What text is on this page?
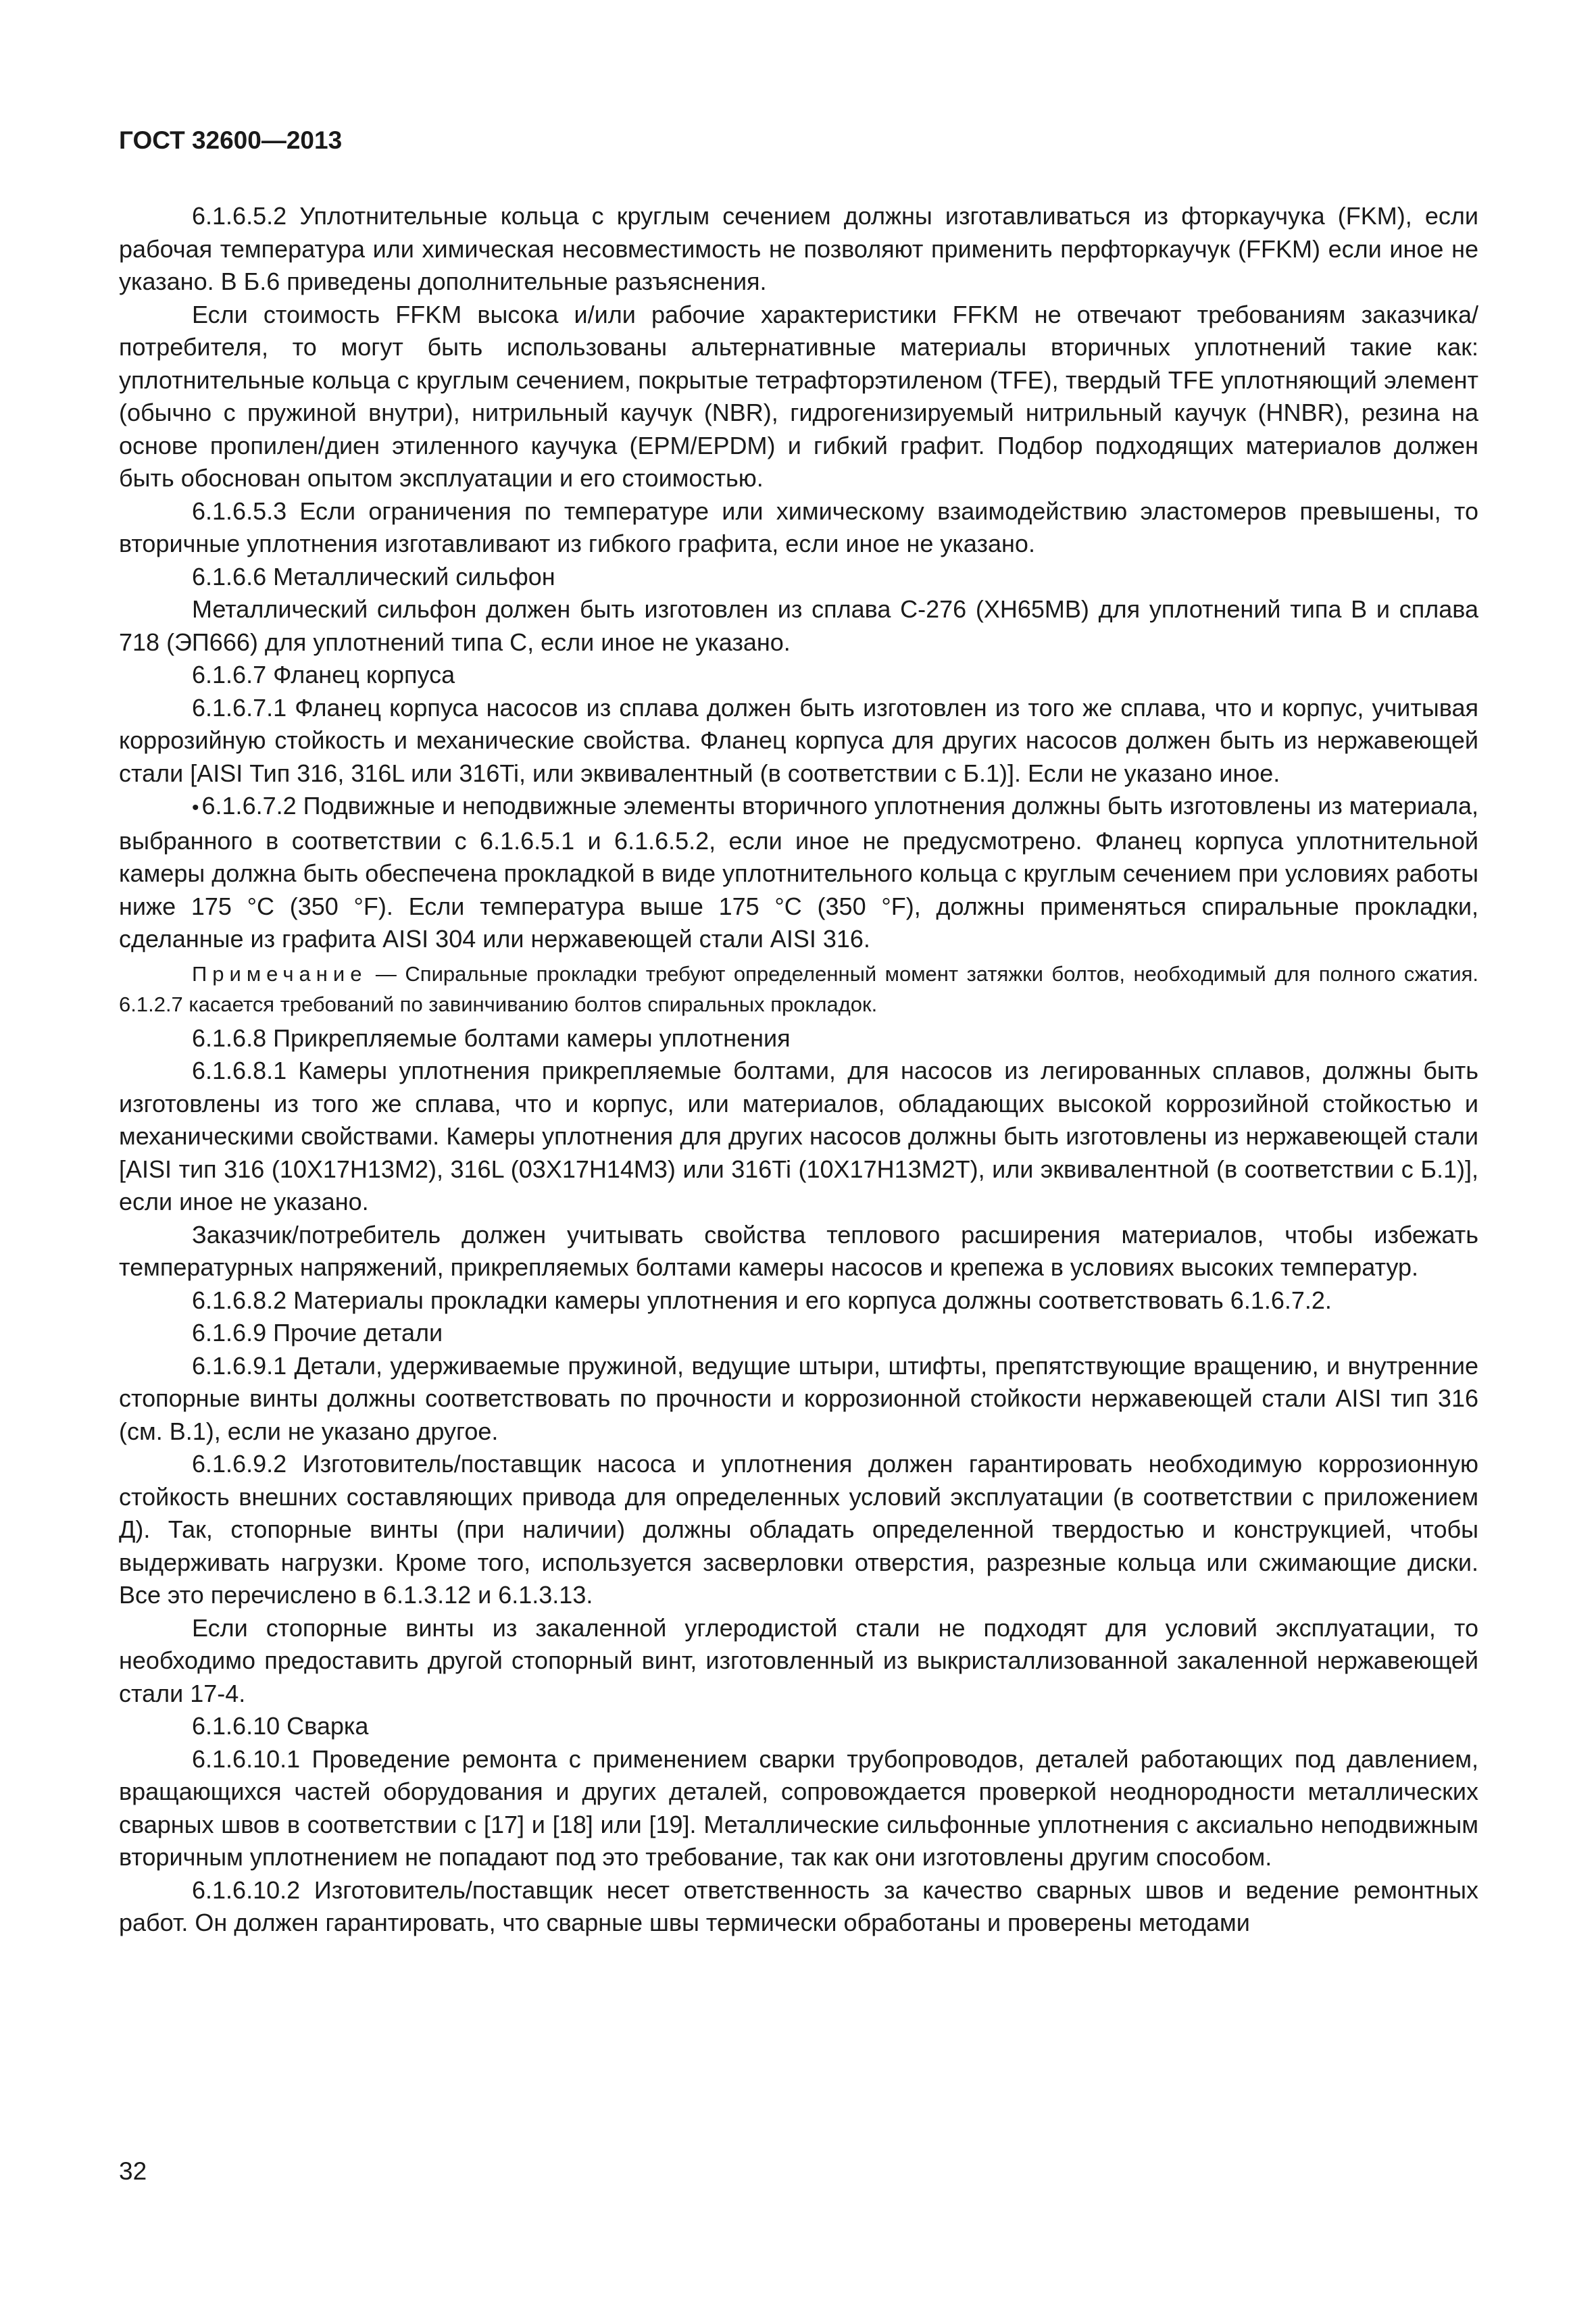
ГОСТ 32600—2013

6.1.6.5.2 Уплотнительные кольца с круглым сечением должны изготавливаться из фторкаучука (FKM), если рабочая температура или химическая несовместимость не позволяют применить перфторкаучук (FFKM) если иное не указано. В Б.6 приведены дополнительные разъяснения.

Если стоимость FFKM высока и/или рабочие характеристики FFKM не отвечают требованиям заказчика/потребителя, то могут быть использованы альтернативные материалы вторичных уплотнений такие как: уплотнительные кольца с круглым сечением, покрытые тетрафторэтиленом (TFE), твердый TFE уплотняющий элемент (обычно с пружиной внутри), нитрильный каучук (NBR), гидрогенизируемый нитрильный каучук (HNBR), резина на основе пропилен/диен этиленного каучука (EPM/EPDM) и гибкий графит. Подбор подходящих материалов должен быть обоснован опытом эксплуатации и его стоимостью.

6.1.6.5.3 Если ограничения по температуре или химическому взаимодействию эластомеров превышены, то вторичные уплотнения изготавливают из гибкого графита, если иное не указано.

6.1.6.6 Металлический сильфон

Металлический сильфон должен быть изготовлен из сплава С-276 (ХН65МВ) для уплотнений типа В и сплава 718 (ЭП666) для уплотнений типа С, если иное не указано.

6.1.6.7 Фланец корпуса

6.1.6.7.1 Фланец корпуса насосов из сплава должен быть изготовлен из того же сплава, что и корпус, учитывая коррозийную стойкость и механические свойства. Фланец корпуса для других насосов должен быть из нержавеющей стали [AISI Тип 316, 316L или 316Ti, или эквивалентный (в соответствии с Б.1)]. Если не указано иное.

• 6.1.6.7.2 Подвижные и неподвижные элементы вторичного уплотнения должны быть изготовлены из материала, выбранного в соответствии с 6.1.6.5.1 и 6.1.6.5.2, если иное не предусмотрено. Фланец корпуса уплотнительной камеры должна быть обеспечена прокладкой в виде уплотнительного кольца с круглым сечением при условиях работы ниже 175 °С (350 °F). Если температура выше 175 °С (350 °F), должны применяться спиральные прокладки, сделанные из графита AISI 304 или нержавеющей стали AISI 316.

Примечание — Спиральные прокладки требуют определенный момент затяжки болтов, необходимый для полного сжатия. 6.1.2.7 касается требований по завинчиванию болтов спиральных прокладок.

6.1.6.8 Прикрепляемые болтами камеры уплотнения

6.1.6.8.1 Камеры уплотнения прикрепляемые болтами, для насосов из легированных сплавов, должны быть изготовлены из того же сплава, что и корпус, или материалов, обладающих высокой коррозийной стойкостью и механическими свойствами. Камеры уплотнения для других насосов должны быть изготовлены из нержавеющей стали [AISI тип 316 (10Х17Н13М2), 316L (03Х17Н14М3) или 316Ti (10Х17Н13М2Т), или эквивалентной (в соответствии с Б.1)], если иное не указано.

Заказчик/потребитель должен учитывать свойства теплового расширения материалов, чтобы избежать температурных напряжений, прикрепляемых болтами камеры насосов и крепежа в условиях высоких температур.

6.1.6.8.2 Материалы прокладки камеры уплотнения и его корпуса должны соответствовать 6.1.6.7.2.

6.1.6.9 Прочие детали

6.1.6.9.1 Детали, удерживаемые пружиной, ведущие штыри, штифты, препятствующие вращению, и внутренние стопорные винты должны соответствовать по прочности и коррозионной стойкости нержавеющей стали AISI тип 316 (см. В.1), если не указано другое.

6.1.6.9.2 Изготовитель/поставщик насоса и уплотнения должен гарантировать необходимую коррозионную стойкость внешних составляющих привода для определенных условий эксплуатации (в соответствии с приложением Д). Так, стопорные винты (при наличии) должны обладать определенной твердостью и конструкцией, чтобы выдерживать нагрузки. Кроме того, используется засверловки отверстия, разрезные кольца или сжимающие диски. Все это перечислено в 6.1.3.12 и 6.1.3.13.

Если стопорные винты из закаленной углеродистой стали не подходят для условий эксплуатации, то необходимо предоставить другой стопорный винт, изготовленный из выкристаллизованной закаленной нержавеющей стали 17-4.

6.1.6.10 Сварка

6.1.6.10.1 Проведение ремонта с применением сварки трубопроводов, деталей работающих под давлением, вращающихся частей оборудования и других деталей, сопровождается проверкой неоднородности металлических сварных швов в соответствии с [17] и [18] или [19]. Металлические сильфонные уплотнения с аксиально неподвижным вторичным уплотнением не попадают под это требование, так как они изготовлены другим способом.

6.1.6.10.2 Изготовитель/поставщик несет ответственность за качество сварных швов и ведение ремонтных работ. Он должен гарантировать, что сварные швы термически обработаны и проверены методами

32
